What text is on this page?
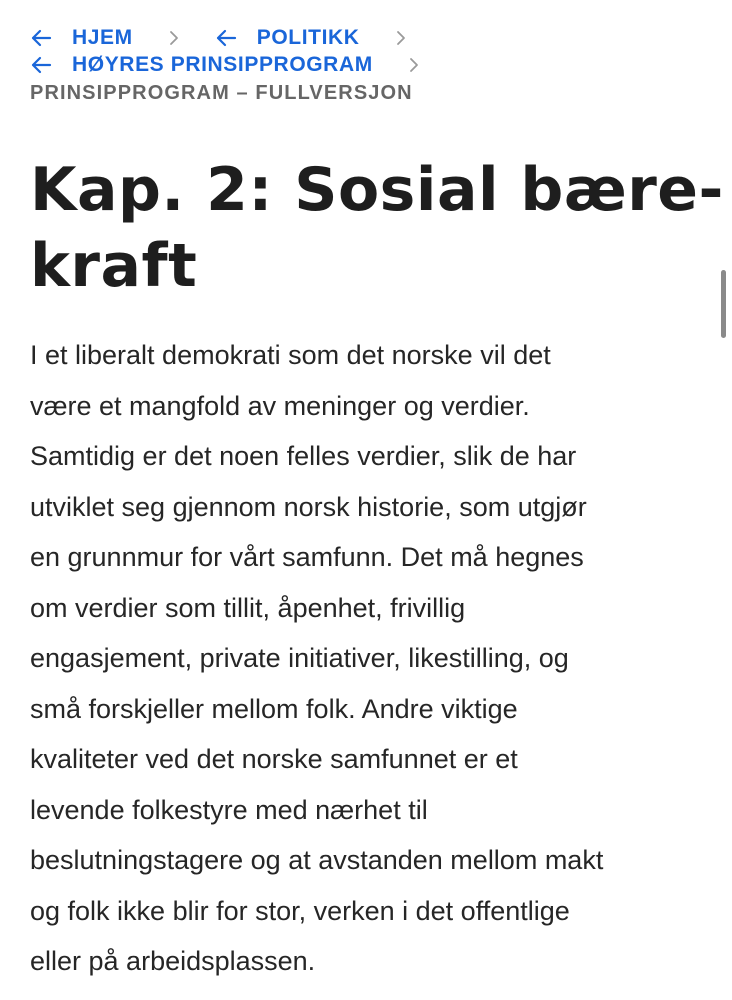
HJEM	POLITIKK
HØYRES PRINSIPPROGRAM
PRINSIPPROGRAM – FULLVERSJON
Kap. 2: Sosial bære-
kraft

I et liberalt demokrati som det norske vil det
være et mangfold av meninger og verdier.
Samtidig er det noen felles verdier, slik de har
utviklet seg gjennom norsk historie, som utgjør
en grunnmur for vårt samfunn. Det må hegnes
om verdier som tillit, åpenhet, frivillig
engasjement, private initiativer, likestilling, og
små forskjeller mellom folk. Andre viktige
kvaliteter ved det norske samfunnet er et
levende folkestyre med nærhet til
beslutningstagere og at avstanden mellom makt
og folk ikke blir for stor, verken i det offentlige
eller på arbeidsplassen.
